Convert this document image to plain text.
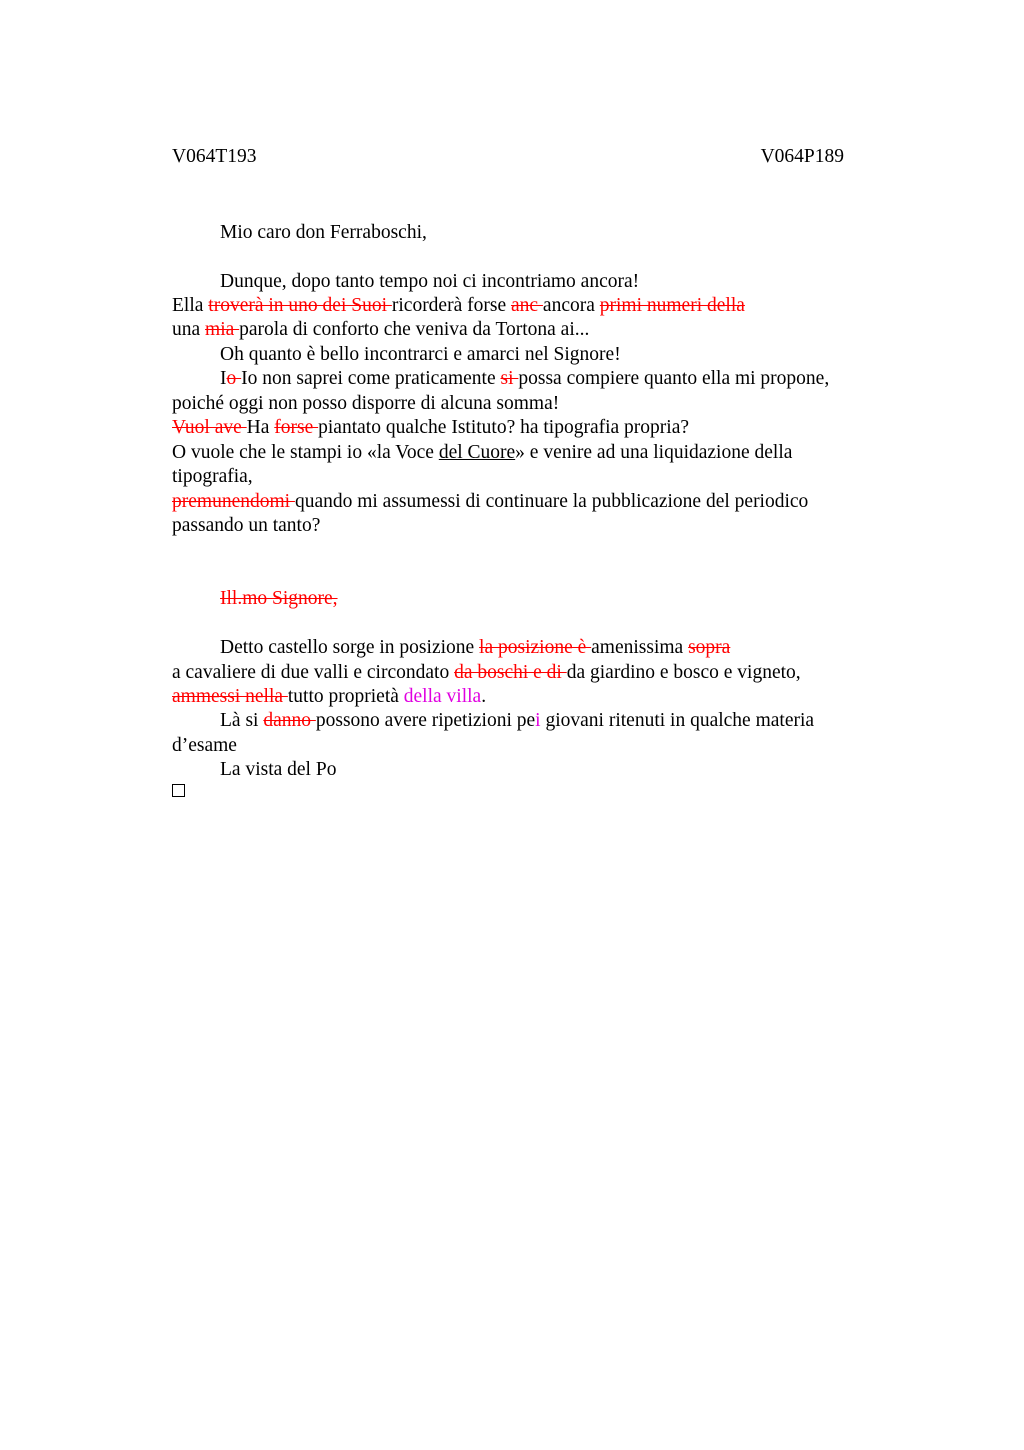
V064T193	V064P189
Mio caro don Ferraboschi,
Dunque, dopo tanto tempo noi ci incontriamo ancora!
Ella troverà in uno dei Suoi ricorderà forse anc ancora primi numeri della
una mia parola di conforto che veniva da Tortona ai...
Oh quanto è bello incontrarci e amarci nel Signore!
Io Io non saprei come praticamente si possa compiere quanto ella mi propone,
poiché oggi non posso disporre di alcuna somma!
Vuol ave Ha forse piantato qualche Istituto? ha tipografia propria?
O vuole che le stampi io «la Voce del Cuore» e venire ad una liquidazione della
tipografia,
premunendomi quando mi assumessi di continuare la pubblicazione del periodico
passando un tanto?
Ill.mo Signore,
Detto castello sorge in posizione la posizione è amenissima sopra
a cavaliere di due valli e circondato da boschi e di da giardino e bosco e vigneto,
ammessi nella tutto proprietà della villa.
Là si danno possono avere ripetizioni pei giovani ritenuti in qualche materia
d’esame
La vista del Po
